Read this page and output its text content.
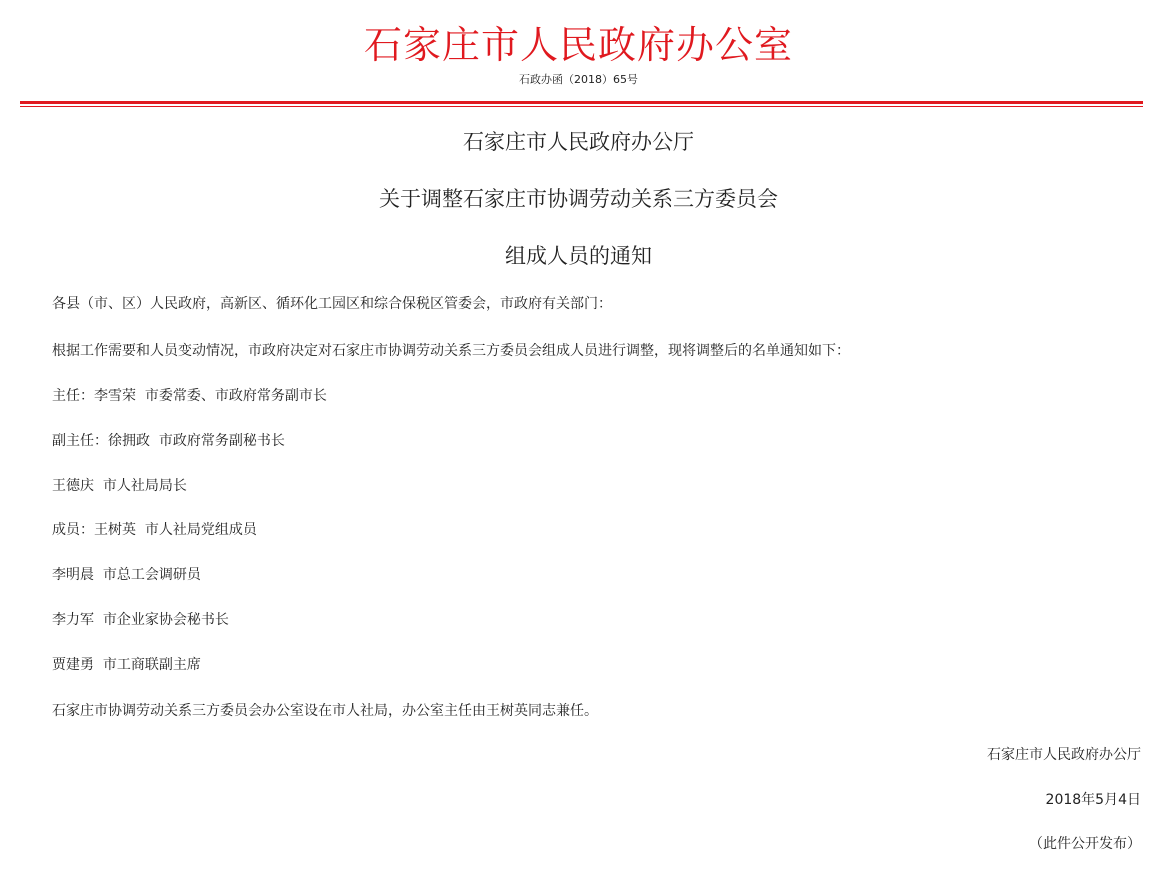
石家庄市人民政府办公室
石政办函（2018）65号
石家庄市人民政府办公厅
关于调整石家庄市协调劳动关系三方委员会
组成人员的通知
各县（市、区）人民政府，高新区、循环化工园区和综合保税区管委会，市政府有关部门：
根据工作需要和人员变动情况，市政府决定对石家庄市协调劳动关系三方委员会组成人员进行调整，现将调整后的名单通知如下：
主任：李雪荣  市委常委、市政府常务副市长
副主任：徐拥政  市政府常务副秘书长
王德庆  市人社局局长
成员：王树英  市人社局党组成员
李明晨  市总工会调研员
李力军  市企业家协会秘书长
贾建勇  市工商联副主席
石家庄市协调劳动关系三方委员会办公室设在市人社局，办公室主任由王树英同志兼任。
石家庄市人民政府办公厅
2018年5月4日
（此件公开发布）
